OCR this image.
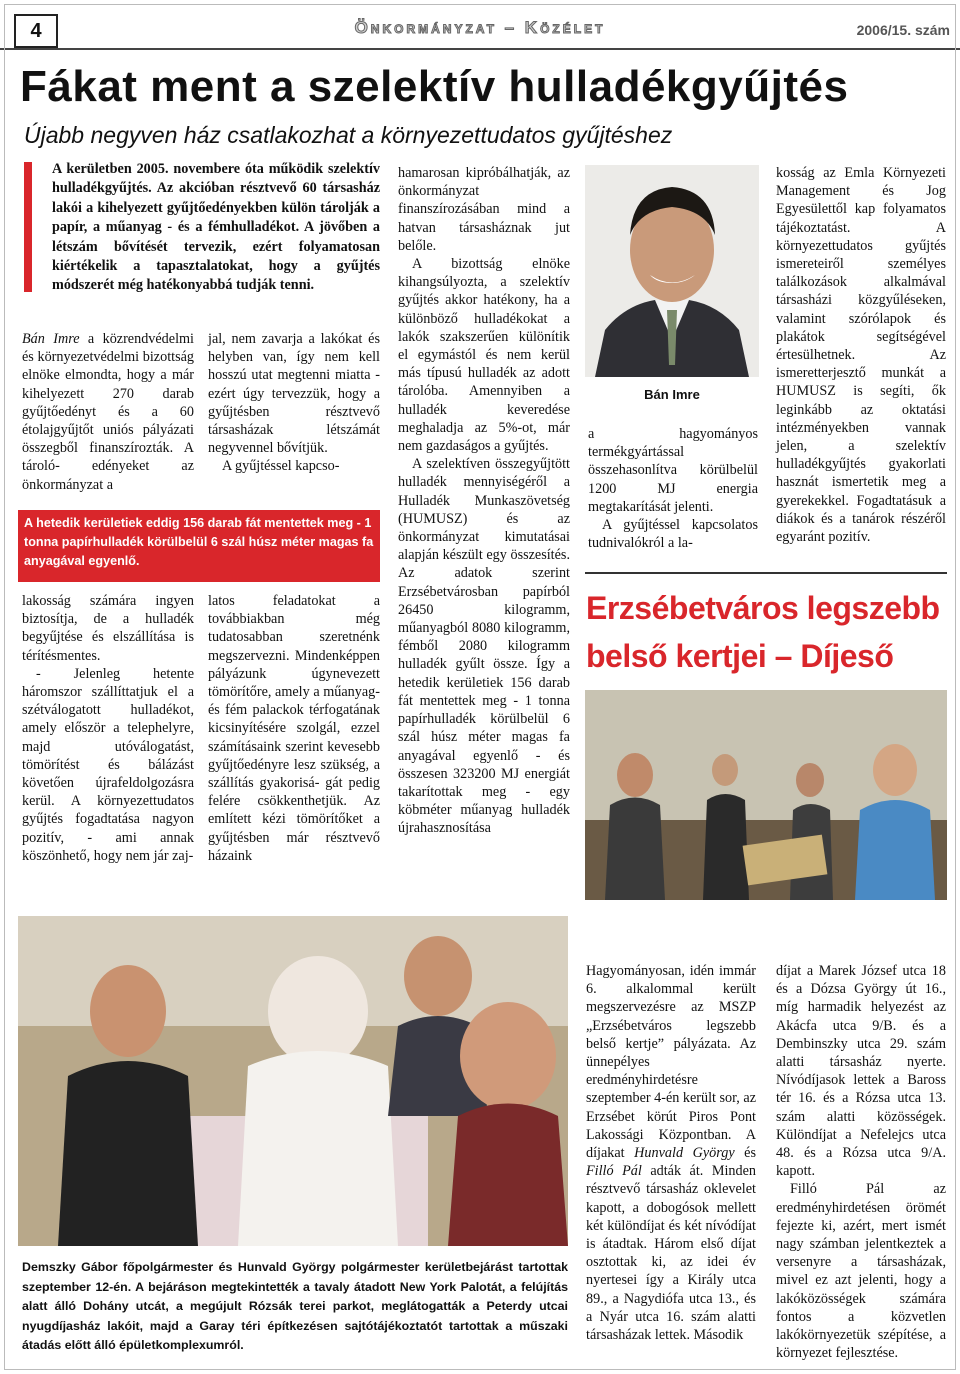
4	Önkormányzat – Közélet	2006/15. szám
Fákat ment a szelektív hulladékgyűjtés
Újabb negyven ház csatlakozhat a környezettudatos gyűjtéshez
A kerületben 2005. novembere óta működik szelektív hulladékgyűjtés. Az akcióban résztvevő 60 társasház lakói a kihelyezett gyűjtőedényekben külön tárolják a papír, a műanyag - és a fémhulladékot. A jövőben a létszám bővítését tervezik, ezért folyamatosan kiértékelik a tapasztalatokat, hogy a gyűjtés módszerét még hatékonyabbá tudják tenni.

Bán Imre a közrendvédelmi és környezetvédelmi bizottság elnöke elmondta, hogy a már kihelyezett 270 darab gyűjtőedényt és a 60 étolajgyűjtőt uniós pályázati összegből finanszírozták. A tároló- edényeket az önkormányzat a

jal, nem zavarja a lakókat és helyben van, így nem kell hosszú utat megtenni miatta - ezért úgy tervezzük, hogy a gyűjtésben résztvevő társasházak létszámát negyvennel bővítjük.

A gyűjtéssel kapcso-

A hetedik kerületiek eddig 156 darab fát mentettek meg - 1 tonna papírhulladék körülbelül 6 szál húsz méter magas fa anyagával egyenlő.

lakosság számára ingyen biztosítja, de a hulladék begyűjtése és elszállítása is térítésmentes.

- Jelenleg hetente háromszor szállíttatjuk el a szétválogatott hulladékot, amely először a telephelyre, majd utóválogatást, tömörítést és bálázást követően újrafeldolgozásra kerül. A környezettudatos gyűjtés fogadtatása nagyon pozitív, - ami annak köszönhető, hogy nem jár zaj-

latos feladatokat a továbbiakban még tudatosabban szeretnénk megszervezni. Mindenképpen pályázunk úgynevezett tömörítőre, amely a műanyag- és fém palackok térfogatának kicsinyítésére szolgál, ezzel számításaink szerint kevesebb gyűjtőedényre lesz szükség, a szállítás gyakorisá- gát pedig felére csökkenthetjük. Az említett kézi tömörítőket a gyűjtésben már résztvevő házaink

hamarosan kipróbálhatják, az önkormányzat finanszírozásában mind a hatvan társasháznak jut belőle.

A bizottság elnöke kihangsúlyozta, a szelektív gyűjtés akkor hatékony, ha a különböző hulladékokat a lakók szakszerűen különítik el egymástól és nem kerül más típusú hulladék az adott tárolóba. Amennyiben a hulladék keveredése meghaladja az 5%-ot, már nem gazdaságos a gyűjtés.

A szelektíven összegyűjtött hulladék mennyiségéről a Hulladék Munkaszövetség (HUMUSZ) és az önkormányzat kimutatásai alapján készült egy összesítés. Az adatok szerint Erzsébetvárosban papírból 26450 kilogramm, műanyagból 8080 kilogramm, fémből 2080 kilogramm hulladék gyűlt össze. Így a hetedik kerületiek 156 darab fát mentettek meg - 1 tonna papírhulladék körülbelül 6 szál húsz méter magas fa anyagával egyenlő - és összesen 323200 MJ energiát takarítottak meg - egy köbméter műanyag hulladék újrahasznosítása

Bán Imre

a hagyományos termékgyártással összehasonlítva körülbelül 1200 MJ energia megtakarítását jelenti.

A gyűjtéssel kapcsolatos tudnivalókról a la-

kosság az Emla Környezeti Management és Jog Egyesülettől kap folyamatos tájékoztatást. A környezettudatos gyűjtés ismereteiről személyes találkozások alkalmával társasházi közgyűléseken, valamint szórólapok és plakátok segítségével értesülhetnek. Az ismeretterjesztő munkát a HUMUSZ is segíti, ők leginkább az oktatási intézményekben vannak jelen, a szelektív hulladékgyűjtés gyakorlati hasznát ismertetik meg a gyerekekkel. Fogadtatásuk a diákok és a tanárok részéről egyaránt pozitív.

Erzsébetváros legszebb belső kertjei – Díjeső
Demszky Gábor főpolgármester és Hunvald György polgármester kerületbejárást tartottak szeptember 12-én. A bejáráson megtekintették a tavaly átadott New York Palotát, a felújítás alatt álló Dohány utcát, a megújult Rózsák terei parkot, meglátogatták a Peterdy utcai nyugdíjasház lakóit, majd a Garay téri építkezésen sajtótájékoztatót tartottak a műszaki átadás előtt álló épületkomplexumról.

Hagyományosan, idén immár 6. alkalommal került megszervezésre az MSZP „Erzsébetváros legszebb belső kertje” pályázata. Az ünnepélyes eredményhirdetésre szeptember 4-én került sor, az Erzsébet körút Piros Pont Lakossági Központban. A díjakat Hunvald György és Filló Pál adták át. Minden résztvevő társasház oklevelet kapott, a dobogósok mellett két különdíjat és két nívódíjat is átadtak. Három első díjat osztottak ki, az idei év nyertesei így a Király utca 89., a Nagydiófa utca 13., és a Nyár utca 16. szám alatti társasházak lettek. Második

díjat a Marek József utca 18 és a Dózsa György út 16., míg harmadik helyezést az Akácfa utca 9/B. és a Dembinszky utca 29. szám alatti társasház nyerte. Nívódíjasok lettek a Baross tér 16. és a Rózsa utca 13. szám alatti közösségek. Különdíjat a Nefelejcs utca 48. és a Rózsa utca 9/A. kapott.

Filló Pál az eredményhirdetésen örömét fejezte ki, azért, mert ismét nagy számban jelentkeztek a versenyre a társasházak, mivel ez azt jelenti, hogy a lakóközösségek számára fontos a közvetlen lakókörnyezetük szépítése, a környezet fejlesztése.
